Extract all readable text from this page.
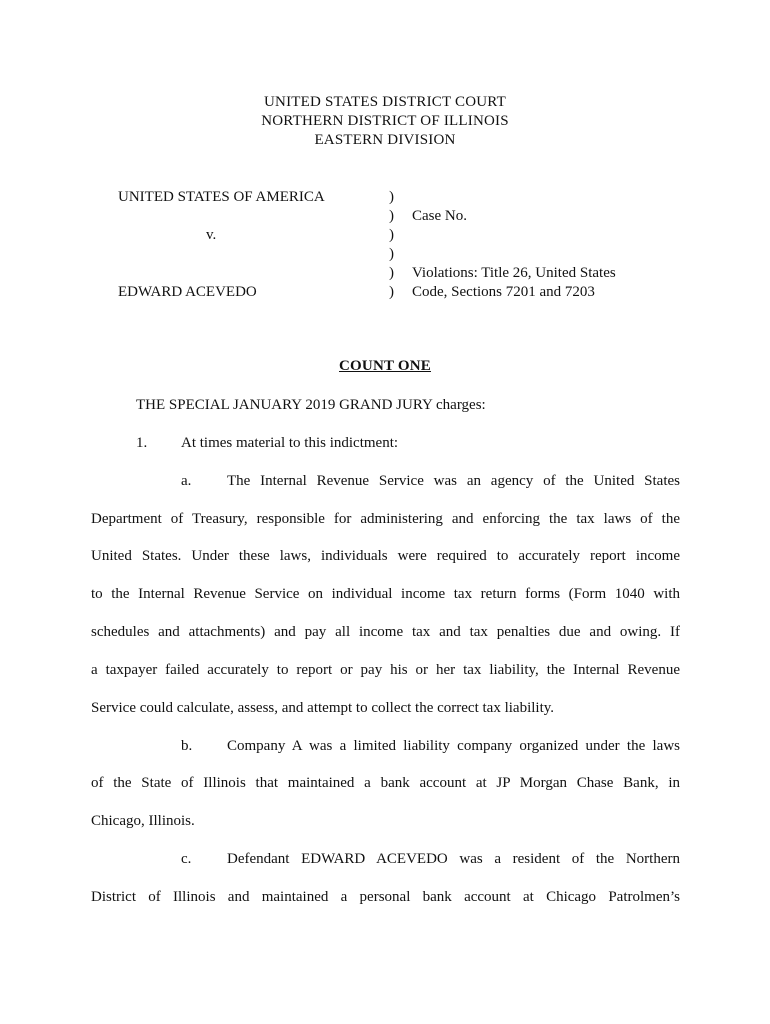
UNITED STATES DISTRICT COURT
NORTHERN DISTRICT OF ILLINOIS
EASTERN DIVISION
UNITED STATES OF AMERICA	)
) Case No.
v.	)
)
) Violations: Title 26, United States
EDWARD ACEVEDO	) Code, Sections 7201 and 7203
COUNT ONE
THE SPECIAL JANUARY 2019 GRAND JURY charges:
1. At times material to this indictment:
a. The Internal Revenue Service was an agency of the United States
Department of Treasury, responsible for administering and enforcing the tax laws of the
United States. Under these laws, individuals were required to accurately report income
to the Internal Revenue Service on individual income tax return forms (Form 1040 with
schedules and attachments) and pay all income tax and tax penalties due and owing. If
a taxpayer failed accurately to report or pay his or her tax liability, the Internal Revenue
Service could calculate, assess, and attempt to collect the correct tax liability.
b. Company A was a limited liability company organized under the laws
of the State of Illinois that maintained a bank account at JP Morgan Chase Bank, in
Chicago, Illinois.
c. Defendant EDWARD ACEVEDO was a resident of the Northern
District of Illinois and maintained a personal bank account at Chicago Patrolmen’s
